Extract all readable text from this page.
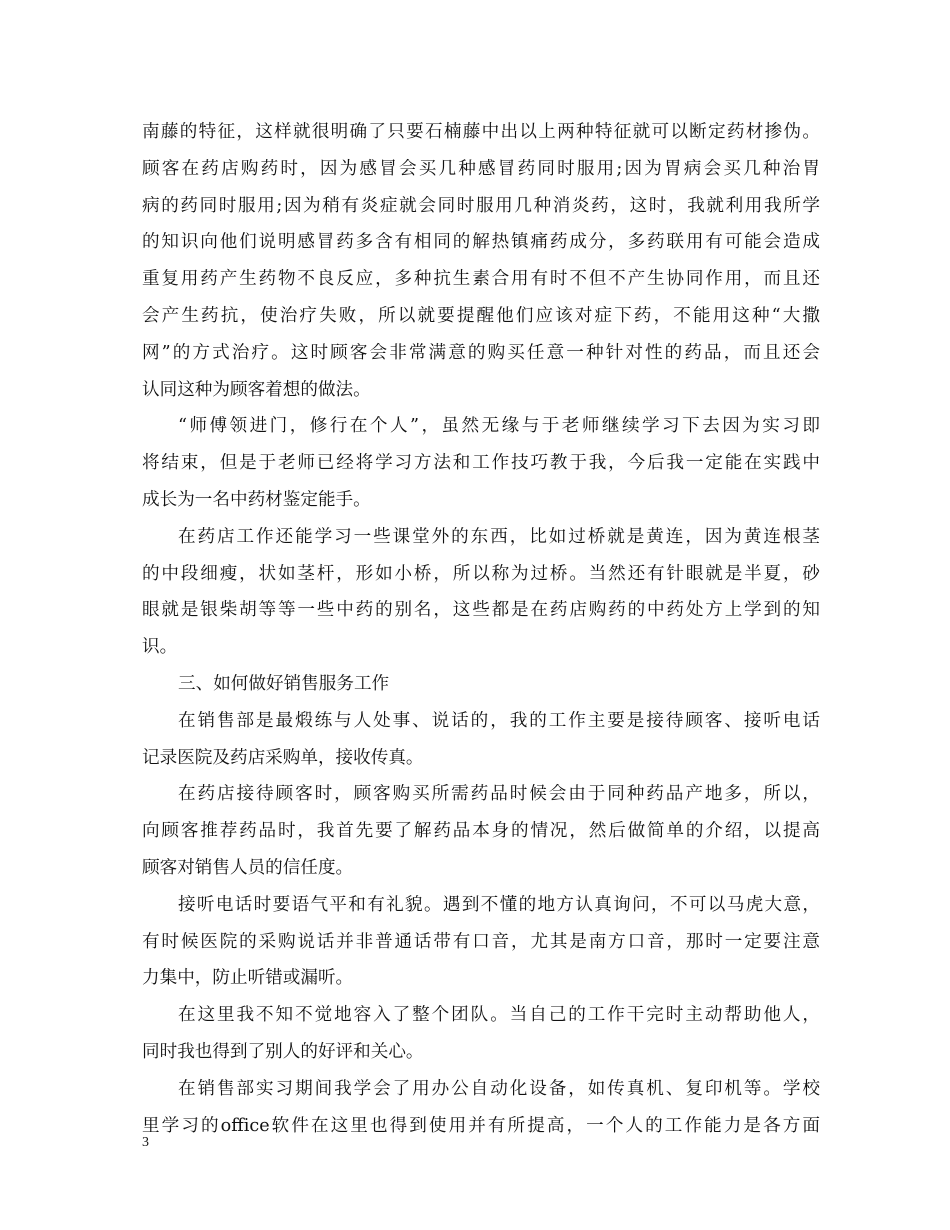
南藤的特征，这样就很明确了只要石楠藤中出以上两种特征就可以断定药材掺伪。
顾客在药店购药时，因为感冒会买几种感冒药同时服用;因为胃病会买几种治胃
病的药同时服用;因为稍有炎症就会同时服用几种消炎药，这时，我就利用我所学
的知识向他们说明感冒药多含有相同的解热镇痛药成分，多药联用有可能会造成
重复用药产生药物不良反应，多种抗生素合用有时不但不产生协同作用，而且还
会产生药抗，使治疗失败，所以就要提醒他们应该对症下药，不能用这种“大撒
网”的方式治疗。这时顾客会非常满意的购买任意一种针对性的药品，而且还会
认同这种为顾客着想的做法。
“师傅领进门，修行在个人”，虽然无缘与于老师继续学习下去因为实习即
将结束，但是于老师已经将学习方法和工作技巧教于我，今后我一定能在实践中
成长为一名中药材鉴定能手。
在药店工作还能学习一些课堂外的东西，比如过桥就是黄连，因为黄连根茎
的中段细瘦，状如茎杆，形如小桥，所以称为过桥。当然还有针眼就是半夏，砂
眼就是银柴胡等等一些中药的别名，这些都是在药店购药的中药处方上学到的知
识。
三、如何做好销售服务工作
在销售部是最煅练与人处事、说话的，我的工作主要是接待顾客、接听电话
记录医院及药店采购单，接收传真。
在药店接待顾客时，顾客购买所需药品时候会由于同种药品产地多，所以，
向顾客推荐药品时，我首先要了解药品本身的情况，然后做简单的介绍，以提高
顾客对销售人员的信任度。
接听电话时要语气平和有礼貌。遇到不懂的地方认真询问，不可以马虎大意，
有时候医院的采购说话并非普通话带有口音，尤其是南方口音，那时一定要注意
力集中，防止听错或漏听。
在这里我不知不觉地容入了整个团队。当自己的工作干完时主动帮助他人，
同时我也得到了别人的好评和关心。
在销售部实习期间我学会了用办公自动化设备，如传真机、复印机等。学校
里学习的office软件在这里也得到使用并有所提高，一个人的工作能力是各方面
3
